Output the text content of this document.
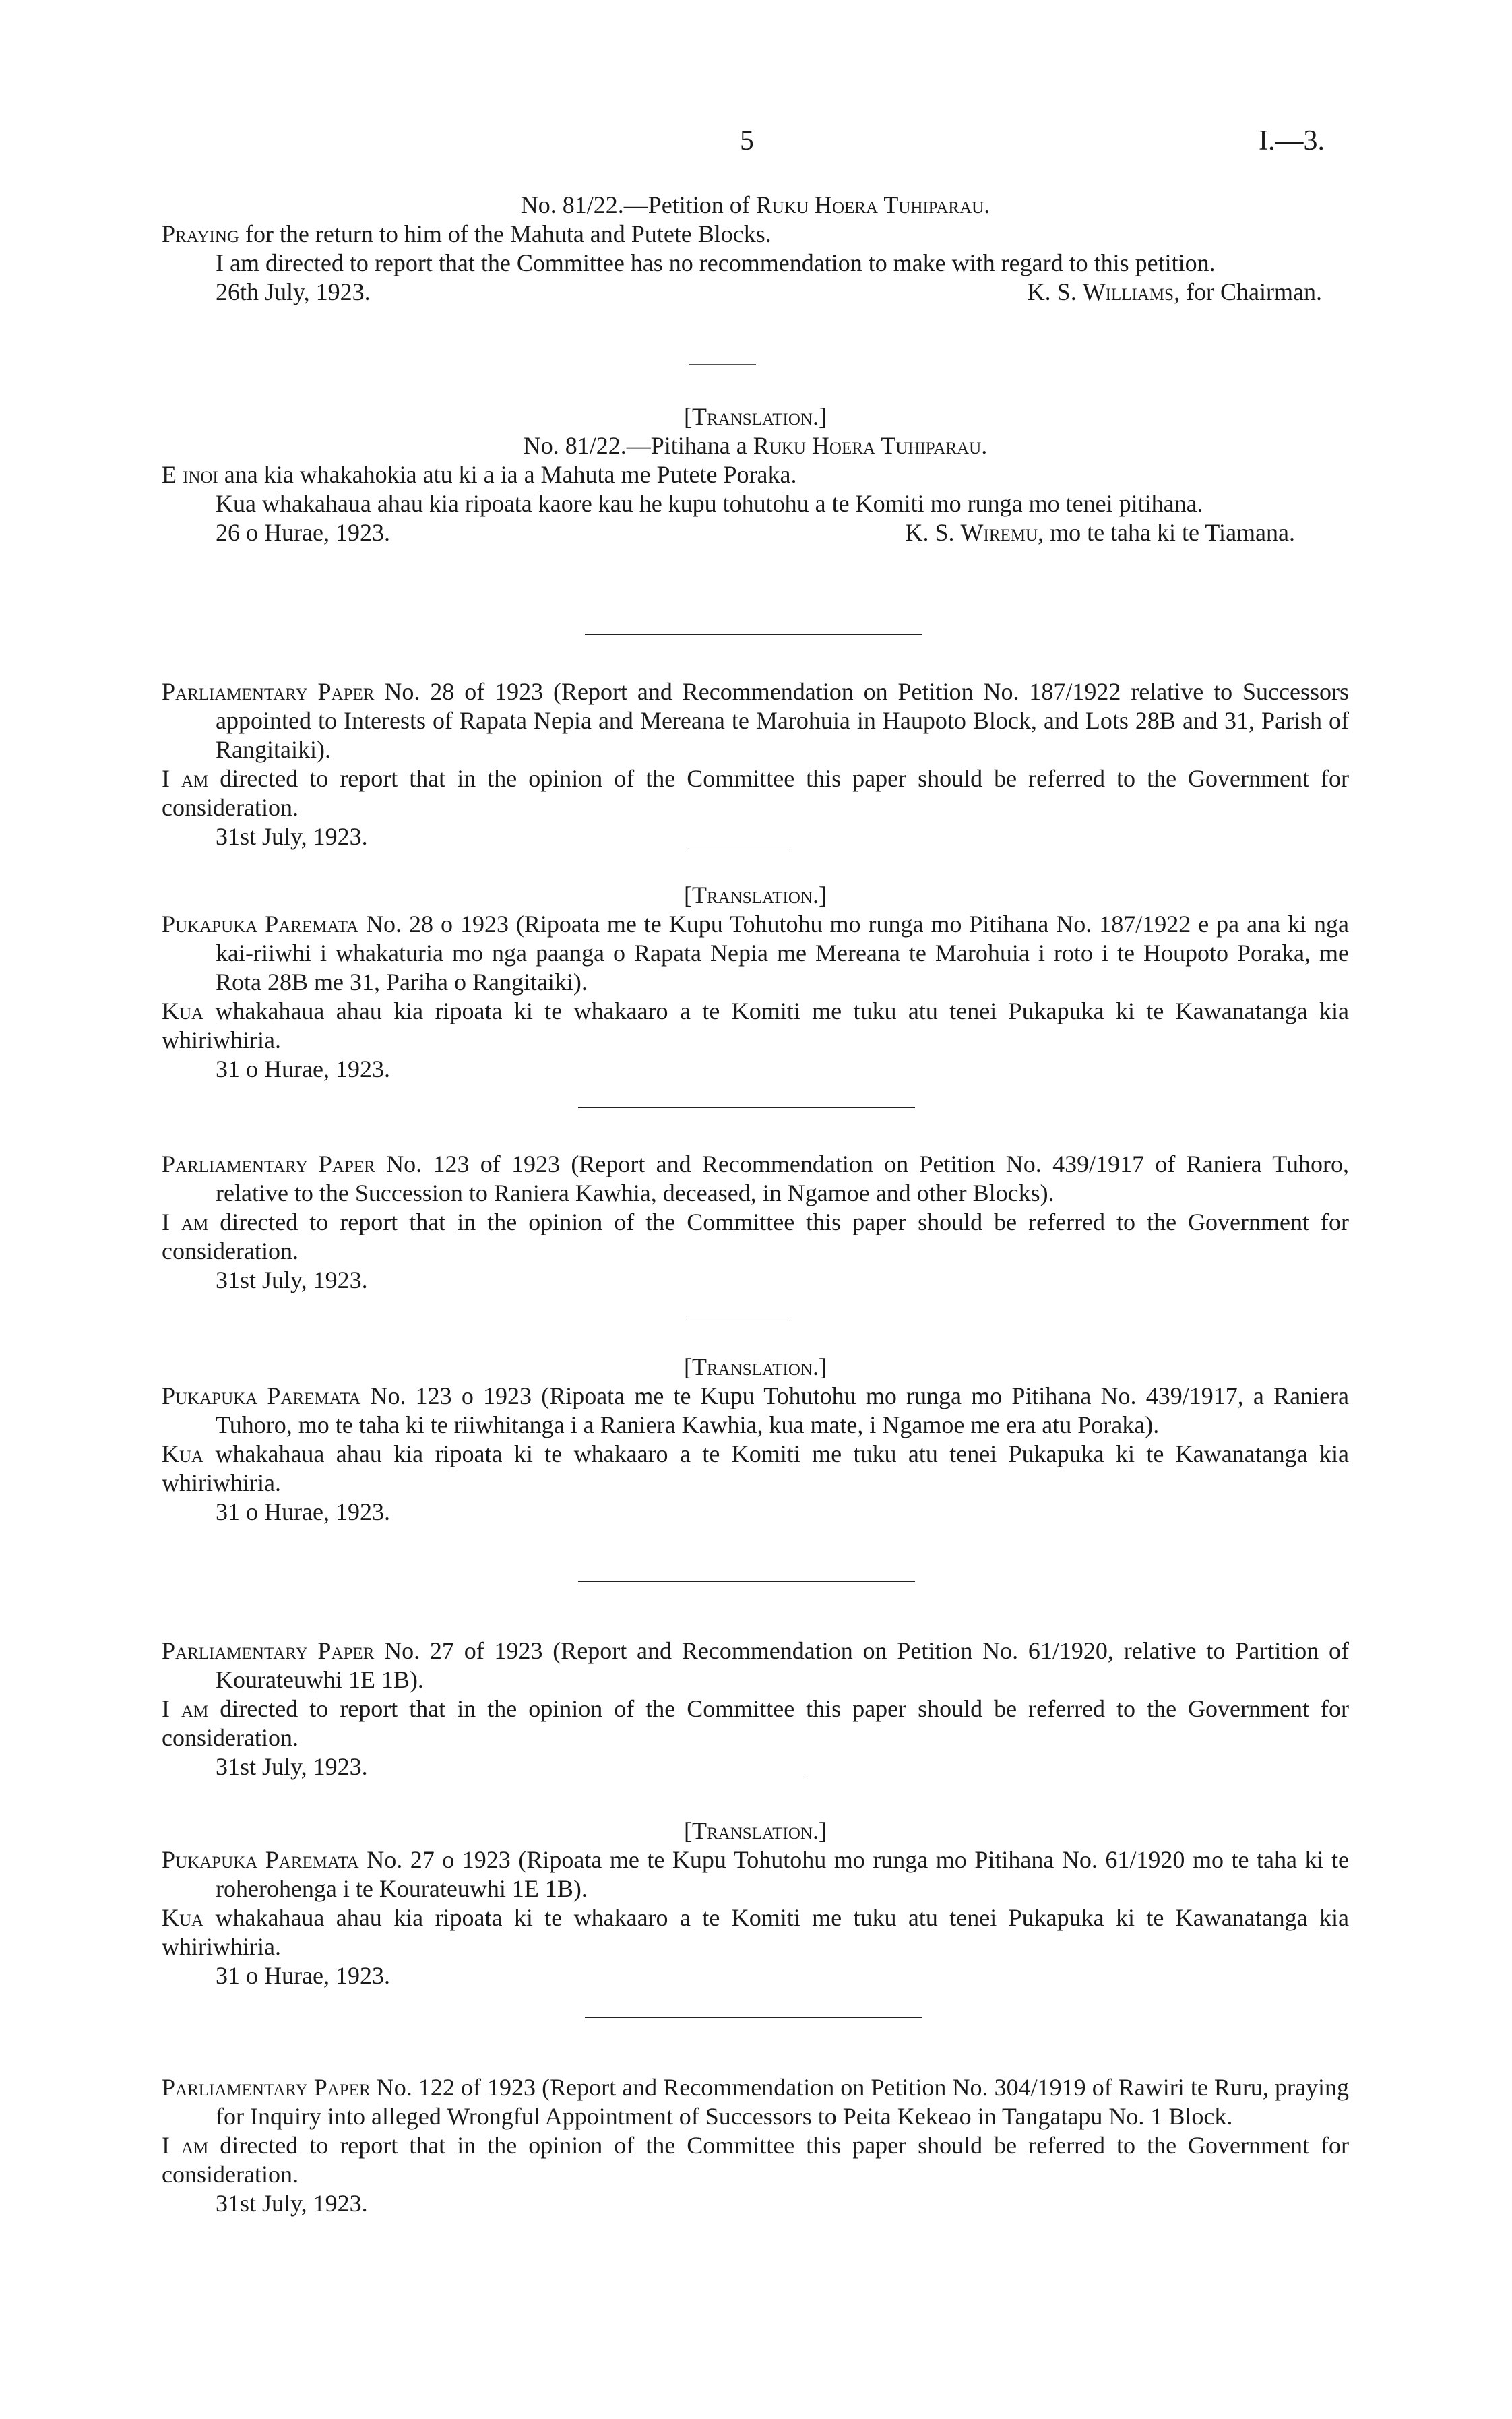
5	I.—3.

No. 81/22.—Petition of Ruku Hoera Tuhiparau.

Praying for the return to him of the Mahuta and Putete Blocks.

I am directed to report that the Committee has no recommendation to make with regard to this petition.

26th July, 1923.	K. S. Williams, for Chairman.

[Translation.]

No. 81/22.—Pitihana a Ruku Hoera Tuhiparau.

E inoi ana kia whakahokia atu ki a ia a Mahuta me Putete Poraka.

Kua whakahaua ahau kia ripoata kaore kau he kupu tohutohu a te Komiti mo runga mo tenei pitihana.

26 o Hurae, 1923.	K. S. Wiremu, mo te taha ki te Tiamana.

Parliamentary Paper No. 28 of 1923 (Report and Recommendation on Petition No. 187/1922 relative to Successors appointed to Interests of Rapata Nepia and Mereana te Marohuia in Haupoto Block, and Lots 28B and 31, Parish of Rangitaiki).

I am directed to report that in the opinion of the Committee this paper should be referred to the Government for consideration.

31st July, 1923.

[Translation.]

Pukapuka Paremata No. 28 o 1923 (Ripoata me te Kupu Tohutohu mo runga mo Pitihana No. 187/1922 e pa ana ki nga kai-riiwhi i whakaturia mo nga paanga o Rapata Nepia me Mereana te Marohuia i roto i te Houpoto Poraka, me Rota 28B me 31, Pariha o Rangitaiki).

Kua whakahaua ahau kia ripoata ki te whakaaro a te Komiti me tuku atu tenei Pukapuka ki te Kawanatanga kia whiriwhiria.

31 o Hurae, 1923.

Parliamentary Paper No. 123 of 1923 (Report and Recommendation on Petition No. 439/1917 of Raniera Tuhoro, relative to the Succession to Raniera Kawhia, deceased, in Ngamoe and other Blocks).

I am directed to report that in the opinion of the Committee this paper should be referred to the Government for consideration.

31st July, 1923.

[Translation.]

Pukapuka Paremata No. 123 o 1923 (Ripoata me te Kupu Tohutohu mo runga mo Pitihana No. 439/1917, a Raniera Tuhoro, mo te taha ki te riiwhitanga i a Raniera Kawhia, kua mate, i Ngamoe me era atu Poraka).

Kua whakahaua ahau kia ripoata ki te whakaaro a te Komiti me tuku atu tenei Pukapuka ki te Kawanatanga kia whiriwhiria.

31 o Hurae, 1923.

Parliamentary Paper No. 27 of 1923 (Report and Recommendation on Petition No. 61/1920, relative to Partition of Kourateuwhi 1E 1B).

I am directed to report that in the opinion of the Committee this paper should be referred to the Government for consideration.

31st July, 1923.

[Translation.]

Pukapuka Paremata No. 27 o 1923 (Ripoata me te Kupu Tohutohu mo runga mo Pitihana No. 61/1920 mo te taha ki te roherohenga i te Kourateuwhi 1E 1B).

Kua whakahaua ahau kia ripoata ki te whakaaro a te Komiti me tuku atu tenei Pukapuka ki te Kawanatanga kia whiriwhiria.

31 o Hurae, 1923.

Parliamentary Paper No. 122 of 1923 (Report and Recommendation on Petition No. 304/1919 of Rawiri te Ruru, praying for Inquiry into alleged Wrongful Appointment of Successors to Peita Kekeao in Tangatapu No. 1 Block.

I am directed to report that in the opinion of the Committee this paper should be referred to the Government for consideration.

31st July, 1923.
